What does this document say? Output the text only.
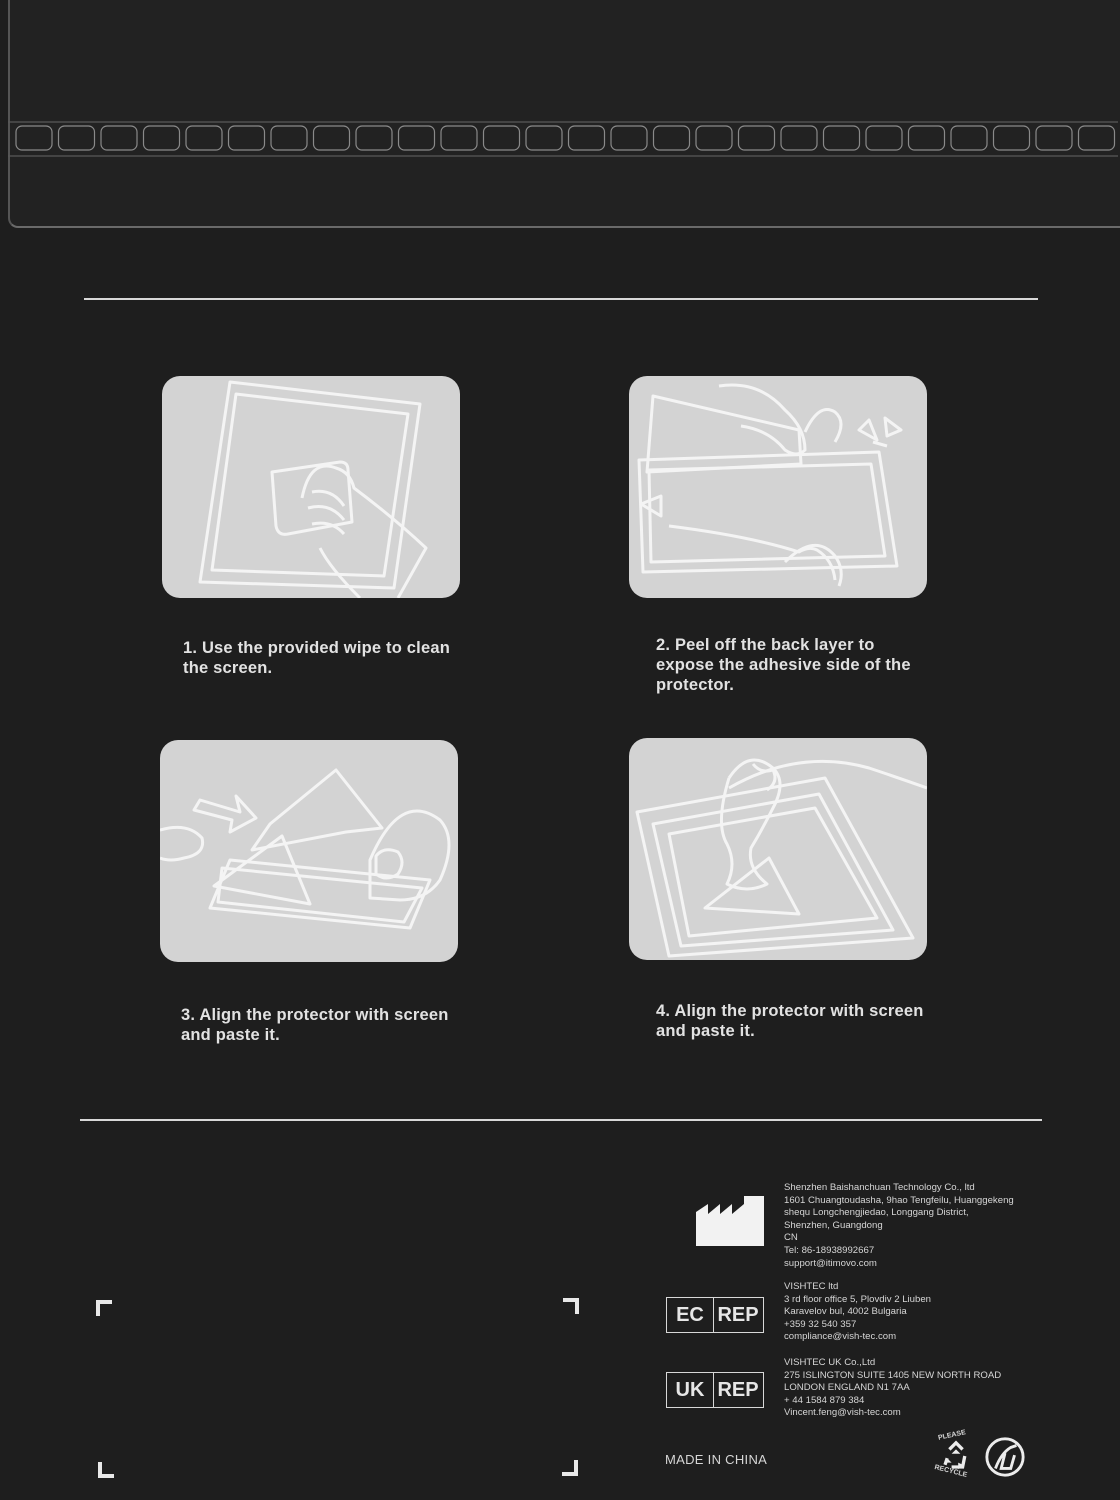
1. Use the provided wipe to clean
the screen.
2. Peel off the back layer to
expose the adhesive side of the
protector.
3. Align the protector with screen
and paste it.
4. Align the protector with screen
and paste it.
Shenzhen Baishanchuan Technology Co., ltd
1601 Chuangtoudasha, 9hao Tengfeilu, Huanggekeng
shequ Longchengjiedao, Longgang District,
Shenzhen, Guangdong
CN
Tel: 86-18938992667
support@itimovo.com
EC REP
VISHTEC ltd
3 rd floor office 5, Plovdiv 2 Liuben
Karavelov bul, 4002 Bulgaria
+359 32 540 357
compliance@vish-tec.com
UK REP
VISHTEC UK Co.,Ltd
275 ISLINGTON SUITE 1405 NEW NORTH ROAD
LONDON ENGLAND N1 7AA
+ 44 1584 879 384
Vincent.feng@vish-tec.com
MADE IN CHINA
PLEASE
RECYCLE
